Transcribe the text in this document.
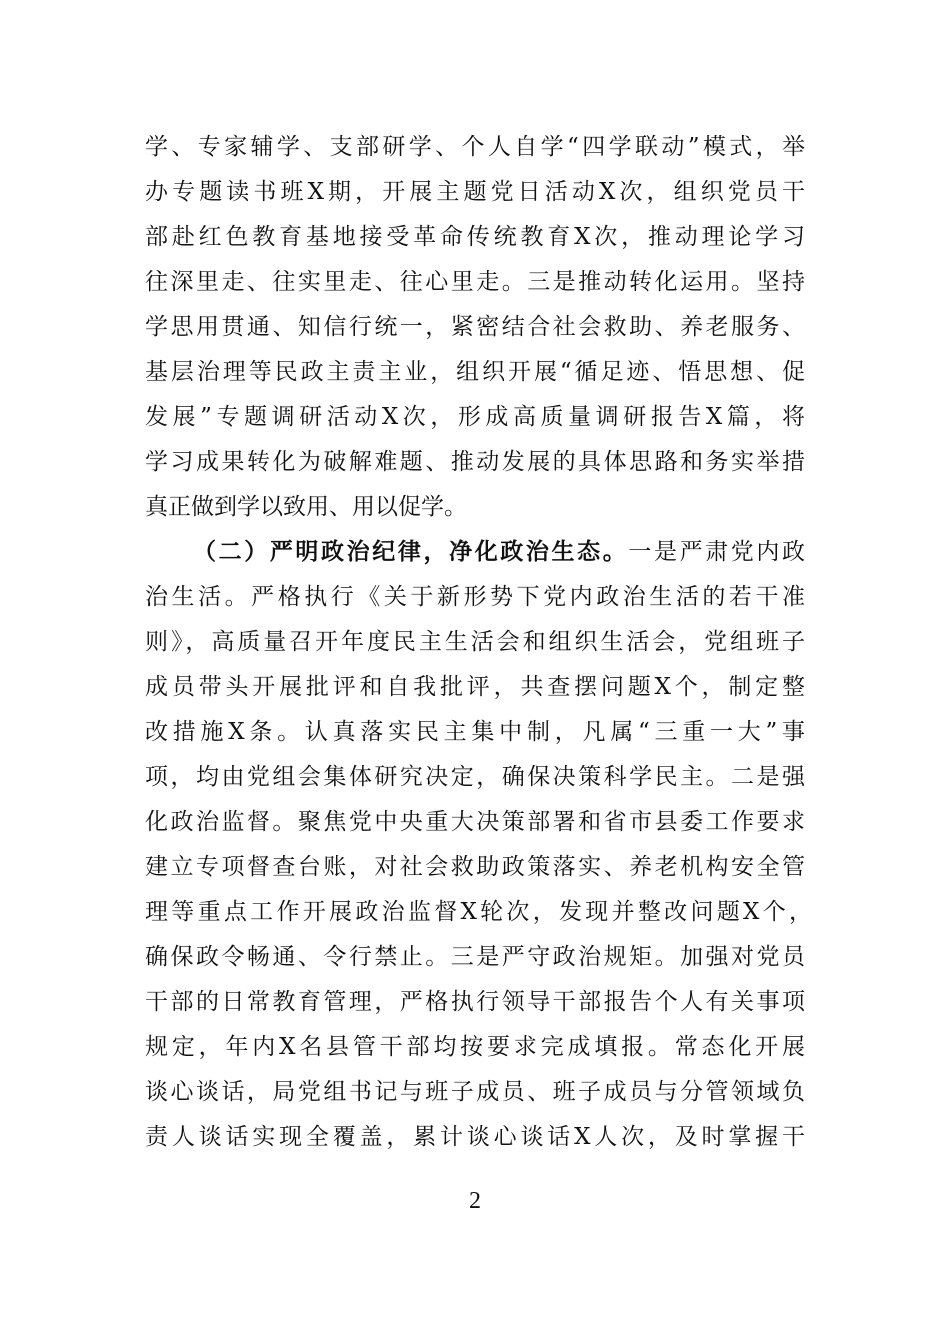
学、专家辅学、支部研学、个人自学“四学联动”模式，举
办专题读书班X期，开展主题党日活动X次，组织党员干
部赴红色教育基地接受革命传统教育X次，推动理论学习
往深里走、往实里走、往心里走。三是推动转化运用。坚持
学思用贯通、知信行统一，紧密结合社会救助、养老服务、
基层治理等民政主责主业，组织开展“循足迹、悟思想、促
发展”专题调研活动X次，形成高质量调研报告X篇，将
学习成果转化为破解难题、推动发展的具体思路和务实举措
真正做到学以致用、用以促学。
（二）严明政治纪律，净化政治生态。一是严肃党内政
治生活。严格执行《关于新形势下党内政治生活的若干准
则》，高质量召开年度民主生活会和组织生活会，党组班子
成员带头开展批评和自我批评，共查摆问题X个，制定整
改措施X条。认真落实民主集中制，凡属“三重一大”事
项，均由党组会集体研究决定，确保决策科学民主。二是强
化政治监督。聚焦党中央重大决策部署和省市县委工作要求
建立专项督查台账，对社会救助政策落实、养老机构安全管
理等重点工作开展政治监督X轮次，发现并整改问题X个，
确保政令畅通、令行禁止。三是严守政治规矩。加强对党员
干部的日常教育管理，严格执行领导干部报告个人有关事项
规定，年内X名县管干部均按要求完成填报。常态化开展
谈心谈话，局党组书记与班子成员、班子成员与分管领域负
责人谈话实现全覆盖，累计谈心谈话X人次，及时掌握干
2
